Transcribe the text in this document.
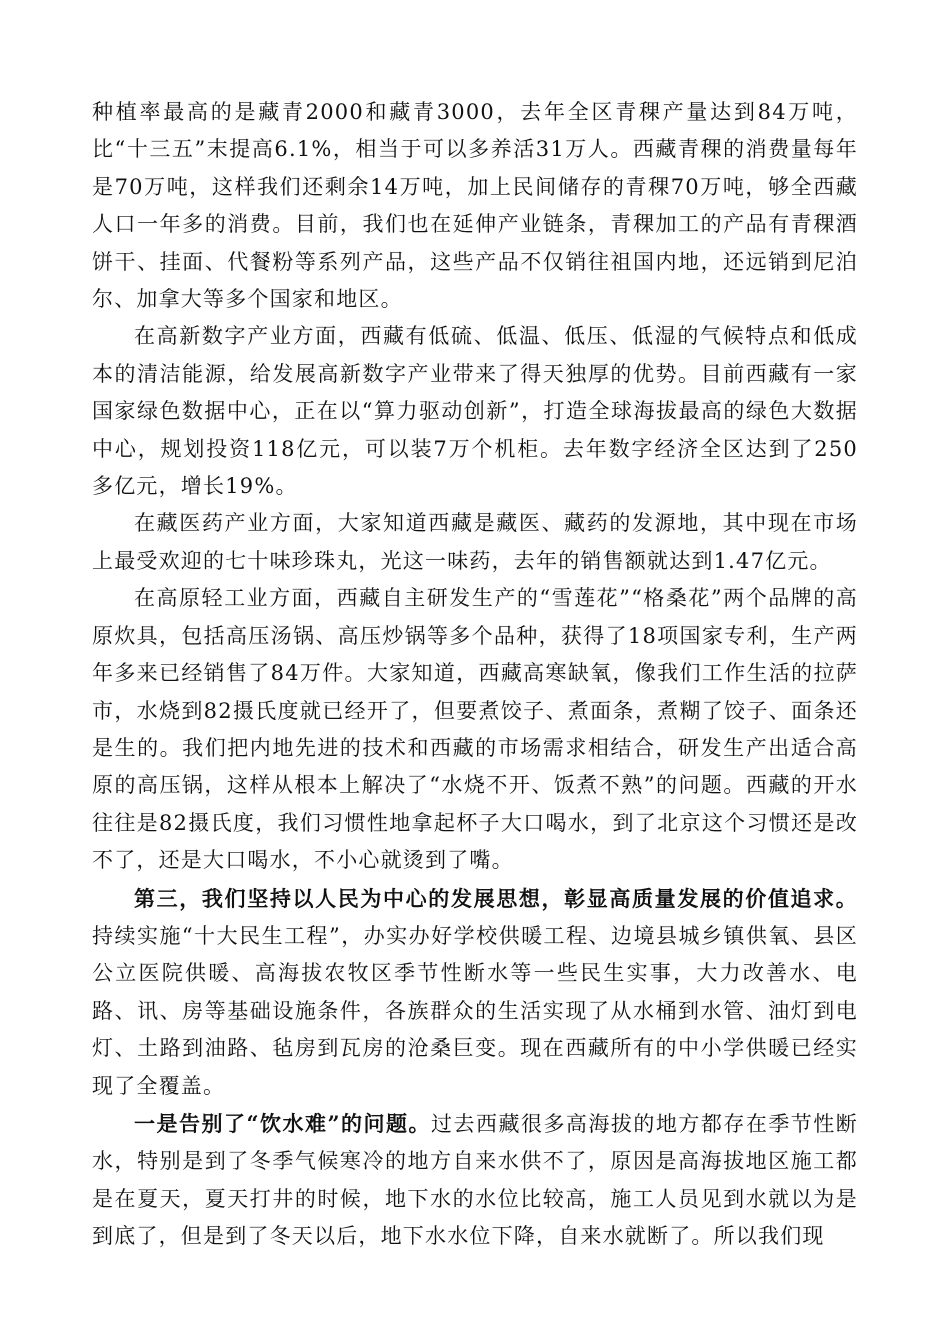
种植率最高的是藏青2000和藏青3000，去年全区青稞产量达到84万吨，比“十三五”末提高6.1%，相当于可以多养活31万人。西藏青稞的消费量每年是70万吨，这样我们还剩余14万吨，加上民间储存的青稞70万吨，够全西藏人口一年多的消费。目前，我们也在延伸产业链条，青稞加工的产品有青稞酒饼干、挂面、代餐粉等系列产品，这些产品不仅销往祖国内地，还远销到尼泊尔、加拿大等多个国家和地区。

在高新数字产业方面，西藏有低硫、低温、低压、低湿的气候特点和低成本的清洁能源，给发展高新数字产业带来了得天独厚的优势。目前西藏有一家国家绿色数据中心，正在以“算力驱动创新”，打造全球海拔最高的绿色大数据中心，规划投资118亿元，可以装7万个机柜。去年数字经济全区达到了250多亿元，增长19%。

在藏医药产业方面，大家知道西藏是藏医、藏药的发源地，其中现在市场上最受欢迎的七十味珍珠丸，光这一味药，去年的销售额就达到1.47亿元。

在高原轻工业方面，西藏自主研发生产的“雪莲花”“格桑花”两个品牌的高原炊具，包括高压汤锅、高压炒锅等多个品种，获得了18项国家专利，生产两年多来已经销售了84万件。大家知道，西藏高寒缺氧，像我们工作生活的拉萨市，水烧到82摄氏度就已经开了，但要煮饺子、煮面条，煮糊了饺子、面条还是生的。我们把内地先进的技术和西藏的市场需求相结合，研发生产出适合高原的高压锅，这样从根本上解决了“水烧不开、饭煮不熟”的问题。西藏的开水往往是82摄氏度，我们习惯性地拿起杯子大口喝水，到了北京这个习惯还是改不了，还是大口喝水，不小心就烫到了嘴。

第三，我们坚持以人民为中心的发展思想，彰显高质量发展的价值追求。持续实施“十大民生工程”，办实办好学校供暖工程、边境县城乡镇供氧、县区公立医院供暖、高海拔农牧区季节性断水等一些民生实事，大力改善水、电路、讯、房等基础设施条件，各族群众的生活实现了从水桶到水管、油灯到电灯、土路到油路、毡房到瓦房的沧桑巨变。现在西藏所有的中小学供暖已经实现了全覆盖。

一是告别了“饮水难”的问题。过去西藏很多高海拔的地方都存在季节性断水，特别是到了冬季气候寒冷的地方自来水供不了，原因是高海拔地区施工都是在夏天，夏天打井的时候，地下水的水位比较高，施工人员见到水就以为是到底了，但是到了冬天以后，地下水水位下降，自来水就断了。所以我们现
